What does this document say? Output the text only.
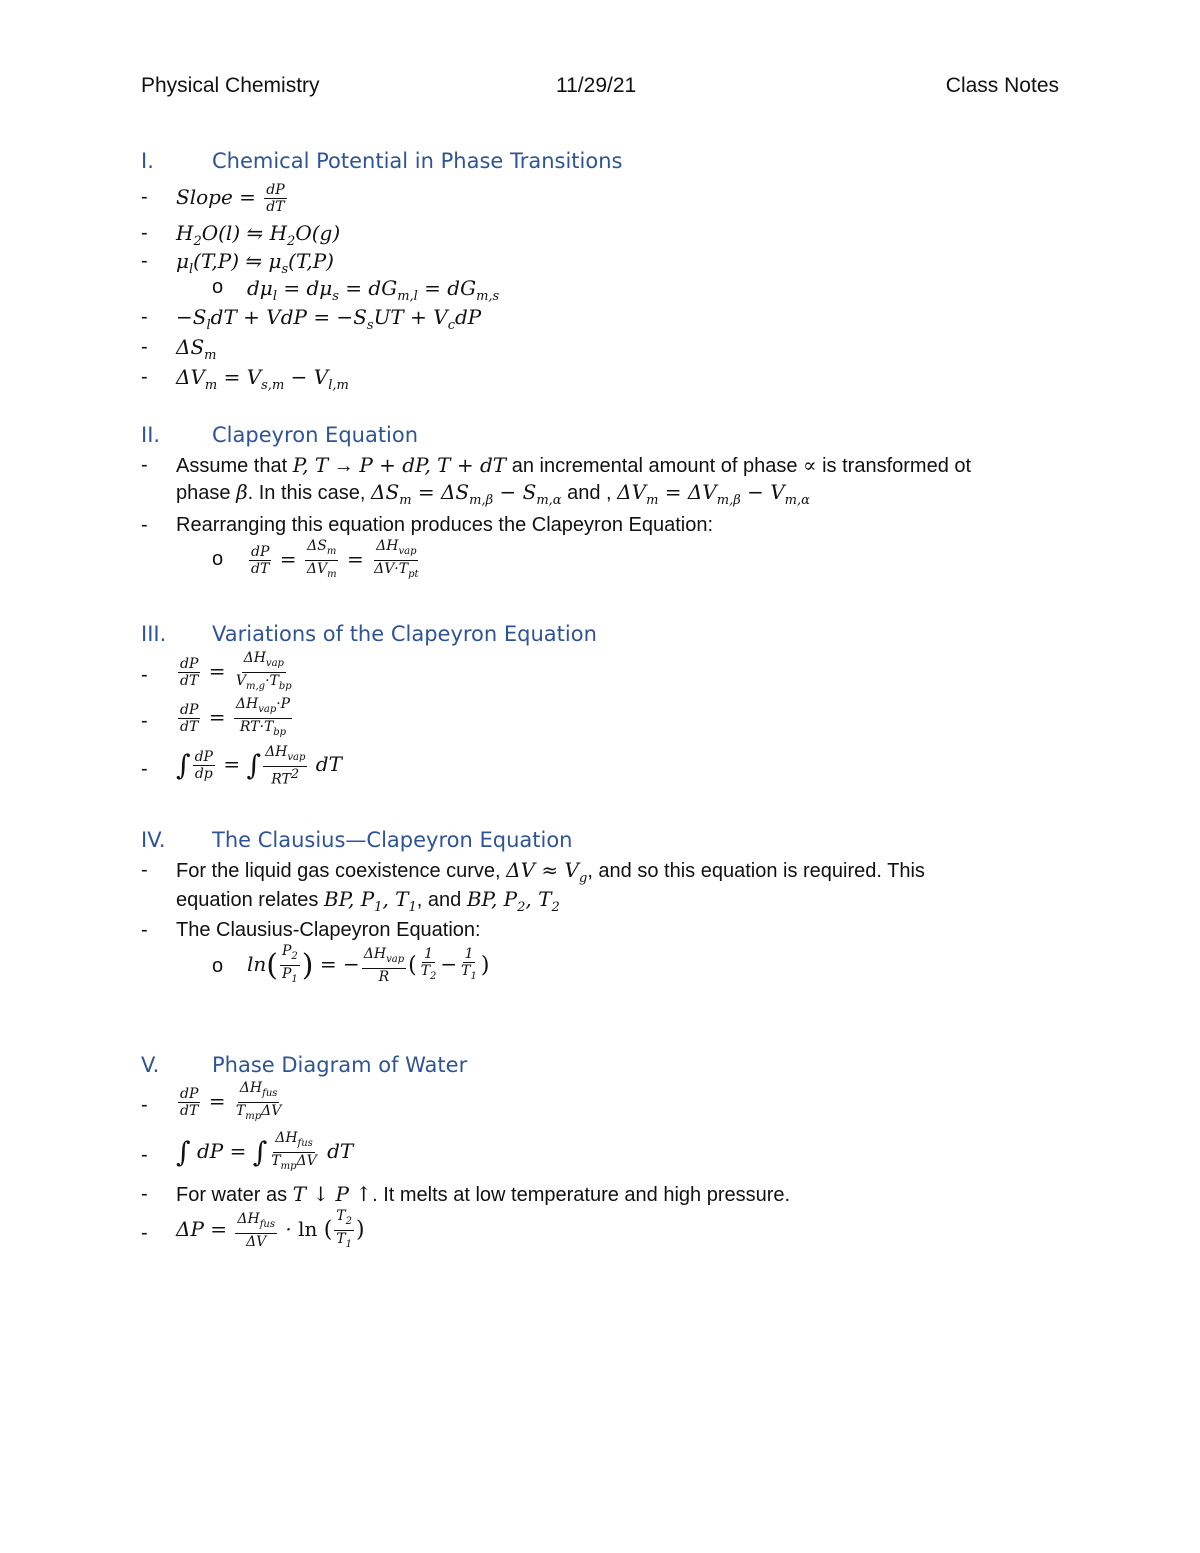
Physical Chemistry	11/29/21	Class Notes
I.	Chemical Potential in Phase Transitions
- Slope = $\frac{dP}{dT}$
- $H_2O(l)$ ⇋ $H_2O(g)$
- $\mu_l(T,P)$ ⇋ $\mu_s(T,P)$
o $d\mu_l = d\mu_s = dG_{m,l} = dG_{m,s}$
- $-S_ldT$ + VdP = $-S_sUT + V_cdP$
- $\Delta S_m$
- $\Delta V_m = V_{s,m} - V_{l,m}$
II. Clapeyron Equation
- Assume that P, T → P + dP, T + dT an incremental amount of phase ∝ is transformed ot
phase β. In this case, $\Delta S_m = \Delta S_{m,\beta} - S_{m,\alpha}$ and , $\Delta V_m = \Delta V_{m,\beta} - V_{m,\alpha}$
- Rearranging this equation produces the Clapeyron Equation:
o $\frac{dP}{dT} = \frac{\Delta S_m}{\Delta V_m} = \frac{\Delta H_{vap}}{\Delta V\cdot T_{pt}}$
III. Variations of the Clapeyron Equation
- $\frac{dP}{dT} = \frac{\Delta H_{vap}}{V_{m,g}\cdot T_{bp}}$
- $\frac{dP}{dT} = \frac{\Delta H_{vap}\cdot P}{RT\cdot T_{bp}}$
- ∫ $\frac{dP}{dp}$ = ∫ $\frac{\Delta H_{vap}}{RT^2}$ dT
IV. The Clausius—Clapeyron Equation
- For the liquid gas coexistence curve, $\Delta V \approx V_g$, and so this equation is required. This
equation relates BP, $P_1$, $T_1$, and BP, $P_2$, $T_2$
- The Clausius-Clapeyron Equation:
o $\ln( \frac{P_2}{P_1}$ ) = − $\frac{\Delta H_{vap}}{R}$ ( $\frac{1}{T_2} - \frac{1}{T_1}$ )
V.	Phase Diagram of Water
- $\frac{dP}{dT} = \frac{\Delta H_{fus}}{T_{mp}\Delta V}$
- ∫ dP = ∫ $\frac{\Delta H_{fus}}{T_{mp}\Delta V}$ dT
- For water as T ↓ P ↑. It melts at low temperature and high pressure.
- $\Delta P = \frac{\Delta H_{fus}}{\Delta V} \cdot \ln$ ( $\frac{T_2}{T_1}$ )
